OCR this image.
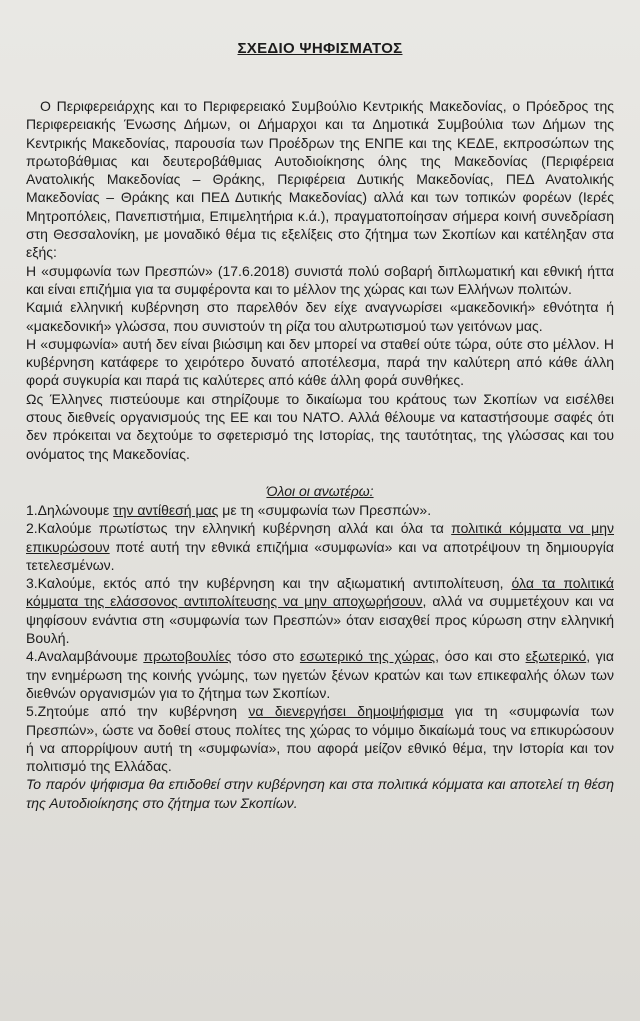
ΣΧΕΔΙΟ ΨΗΦΙΣΜΑΤΟΣ

Ο Περιφερειάρχης και το Περιφερειακό Συμβούλιο Κεντρικής Μακεδονίας, ο Πρόεδρος της Περιφερειακής Ένωσης Δήμων, οι Δήμαρχοι και τα Δημοτικά Συμβούλια των Δήμων της Κεντρικής Μακεδονίας, παρουσία των Προέδρων της ΕΝΠΕ και της ΚΕΔΕ, εκπροσώπων της πρωτοβάθμιας και δευτεροβάθμιας Αυτοδιοίκησης όλης της Μακεδονίας (Περιφέρεια Ανατολικής Μακεδονίας – Θράκης, Περιφέρεια Δυτικής Μακεδονίας, ΠΕΔ Ανατολικής Μακεδονίας – Θράκης και ΠΕΔ Δυτικής Μακεδονίας) αλλά και των τοπικών φορέων (Ιερές Μητροπόλεις, Πανεπιστήμια, Επιμελητήρια κ.ά.), πραγματοποίησαν σήμερα κοινή συνεδρίαση στη Θεσσαλονίκη, με μοναδικό θέμα τις εξελίξεις στο ζήτημα των Σκοπίων και κατέληξαν στα εξής:

Η «συμφωνία των Πρεσπών» (17.6.2018) συνιστά πολύ σοβαρή διπλωματική και εθνική ήττα και είναι επιζήμια για τα συμφέροντα και το μέλλον της χώρας και των Ελλήνων πολιτών.

Καμιά ελληνική κυβέρνηση στο παρελθόν δεν είχε αναγνωρίσει «μακεδονική» εθνότητα ή «μακεδονική» γλώσσα, που συνιστούν τη ρίζα του αλυτρωτισμού των γειτόνων μας.

Η «συμφωνία» αυτή δεν είναι βιώσιμη και δεν μπορεί να σταθεί ούτε τώρα, ούτε στο μέλλον. Η κυβέρνηση κατάφερε το χειρότερο δυνατό αποτέλεσμα, παρά την καλύτερη από κάθε άλλη φορά συγκυρία και παρά τις καλύτερες από κάθε άλλη φορά συνθήκες.

Ως Έλληνες πιστεύουμε και στηρίζουμε το δικαίωμα του κράτους των Σκοπίων να εισέλθει στους διεθνείς οργανισμούς της ΕΕ και του ΝΑΤΟ. Αλλά θέλουμε να καταστήσουμε σαφές ότι δεν πρόκειται να δεχτούμε το σφετερισμό της Ιστορίας, της ταυτότητας, της γλώσσας και του ονόματος της Μακεδονίας.

Όλοι οι ανωτέρω:

1.Δηλώνουμε την αντίθεσή μας με τη «συμφωνία των Πρεσπών».

2.Καλούμε πρωτίστως την ελληνική κυβέρνηση αλλά και όλα τα πολιτικά κόμματα να μην επικυρώσουν ποτέ αυτή την εθνικά επιζήμια «συμφωνία» και να αποτρέψουν τη δημιουργία τετελεσμένων.

3.Καλούμε, εκτός από την κυβέρνηση και την αξιωματική αντιπολίτευση, όλα τα πολιτικά κόμματα της ελάσσονος αντιπολίτευσης να μην αποχωρήσουν, αλλά να συμμετέχουν και να ψηφίσουν ενάντια στη «συμφωνία των Πρεσπών» όταν εισαχθεί προς κύρωση στην ελληνική Βουλή.

4.Αναλαμβάνουμε πρωτοβουλίες τόσο στο εσωτερικό της χώρας, όσο και στο εξωτερικό, για την ενημέρωση της κοινής γνώμης, των ηγετών ξένων κρατών και των επικεφαλής όλων των διεθνών οργανισμών για το ζήτημα των Σκοπίων.

5.Ζητούμε από την κυβέρνηση να διενεργήσει δημοψήφισμα για τη «συμφωνία των Πρεσπών», ώστε να δοθεί στους πολίτες της χώρας το νόμιμο δικαίωμά τους να επικυρώσουν ή να απορρίψουν αυτή τη «συμφωνία», που αφορά μείζον εθνικό θέμα, την Ιστορία και τον πολιτισμό της Ελλάδας.

Το παρόν ψήφισμα θα επιδοθεί στην κυβέρνηση και στα πολιτικά κόμματα και αποτελεί τη θέση της Αυτοδιοίκησης στο ζήτημα των Σκοπίων.
